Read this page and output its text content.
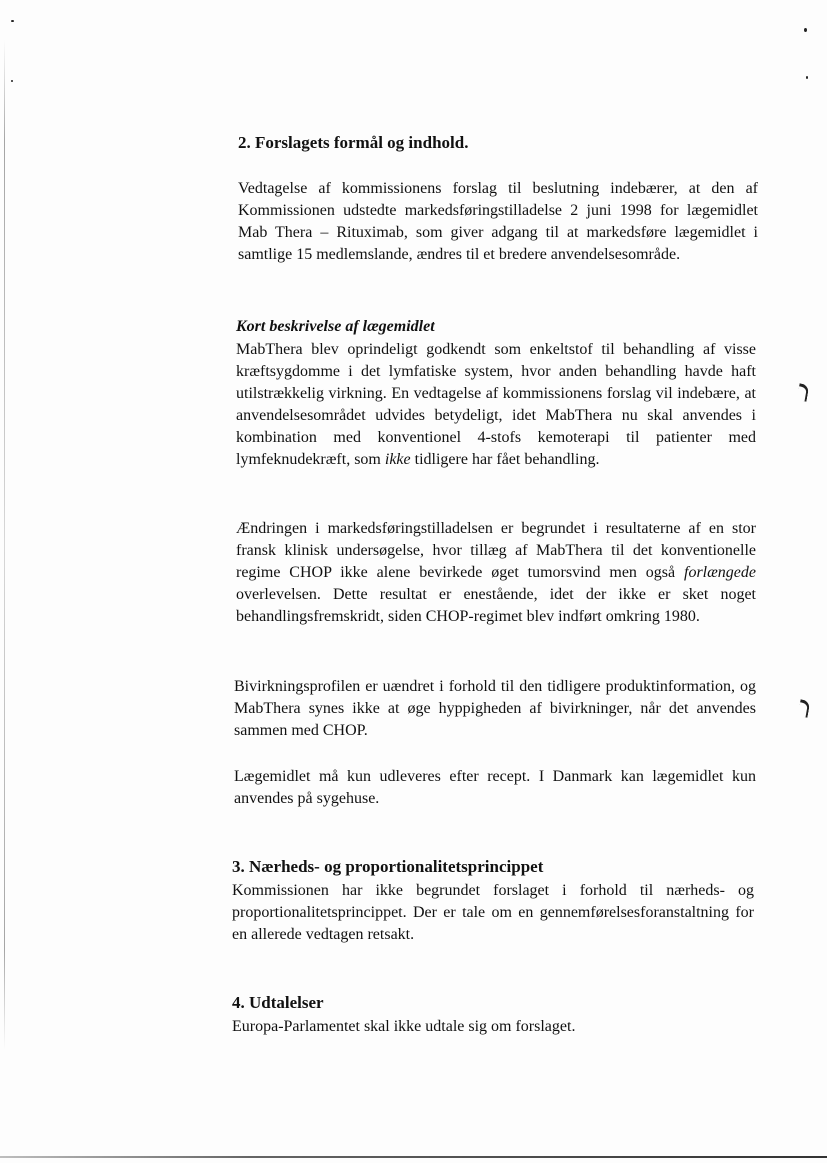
2. Forslagets formål og indhold.

Vedtagelse af kommissionens forslag til beslutning indebærer, at den af Kommissionen udstedte markedsføringstilladelse 2 juni 1998 for lægemidlet Mab Thera – Rituximab, som giver adgang til at markedsføre lægemidlet i samtlige 15 medlemslande, ændres til et bredere anvendelsesområde.

Kort beskrivelse af lægemidlet

MabThera blev oprindeligt godkendt som enkeltstof til behandling af visse kræftsygdomme i det lymfatiske system, hvor anden behandling havde haft utilstrækkelig virkning. En vedtagelse af kommissionens forslag vil indebære, at anvendelsesområdet udvides betydeligt, idet MabThera nu skal anvendes i kombination med konventionel 4-stofs kemoterapi til patienter med lymfeknudekræft, som ikke tidligere har fået behandling.

Ændringen i markedsføringstilladelsen er begrundet i resultaterne af en stor fransk klinisk undersøgelse, hvor tillæg af MabThera til det konventionelle regime CHOP ikke alene bevirkede øget tumorsvind men også forlængede overlevelsen. Dette resultat er enestående, idet der ikke er sket noget behandlingsfremskridt, siden CHOP-regimet blev indført omkring 1980.

Bivirkningsprofilen er uændret i forhold til den tidligere produktinformation, og MabThera synes ikke at øge hyppigheden af bivirkninger, når det anvendes sammen med CHOP.

Lægemidlet må kun udleveres efter recept. I Danmark kan lægemidlet kun anvendes på sygehuse.

3. Nærheds- og proportionalitetsprincippet

Kommissionen har ikke begrundet forslaget i forhold til nærheds- og proportionalitetsprincippet. Der er tale om en gennemførelsesforanstaltning for en allerede vedtagen retsakt.

4. Udtalelser

Europa-Parlamentet skal ikke udtale sig om forslaget.
